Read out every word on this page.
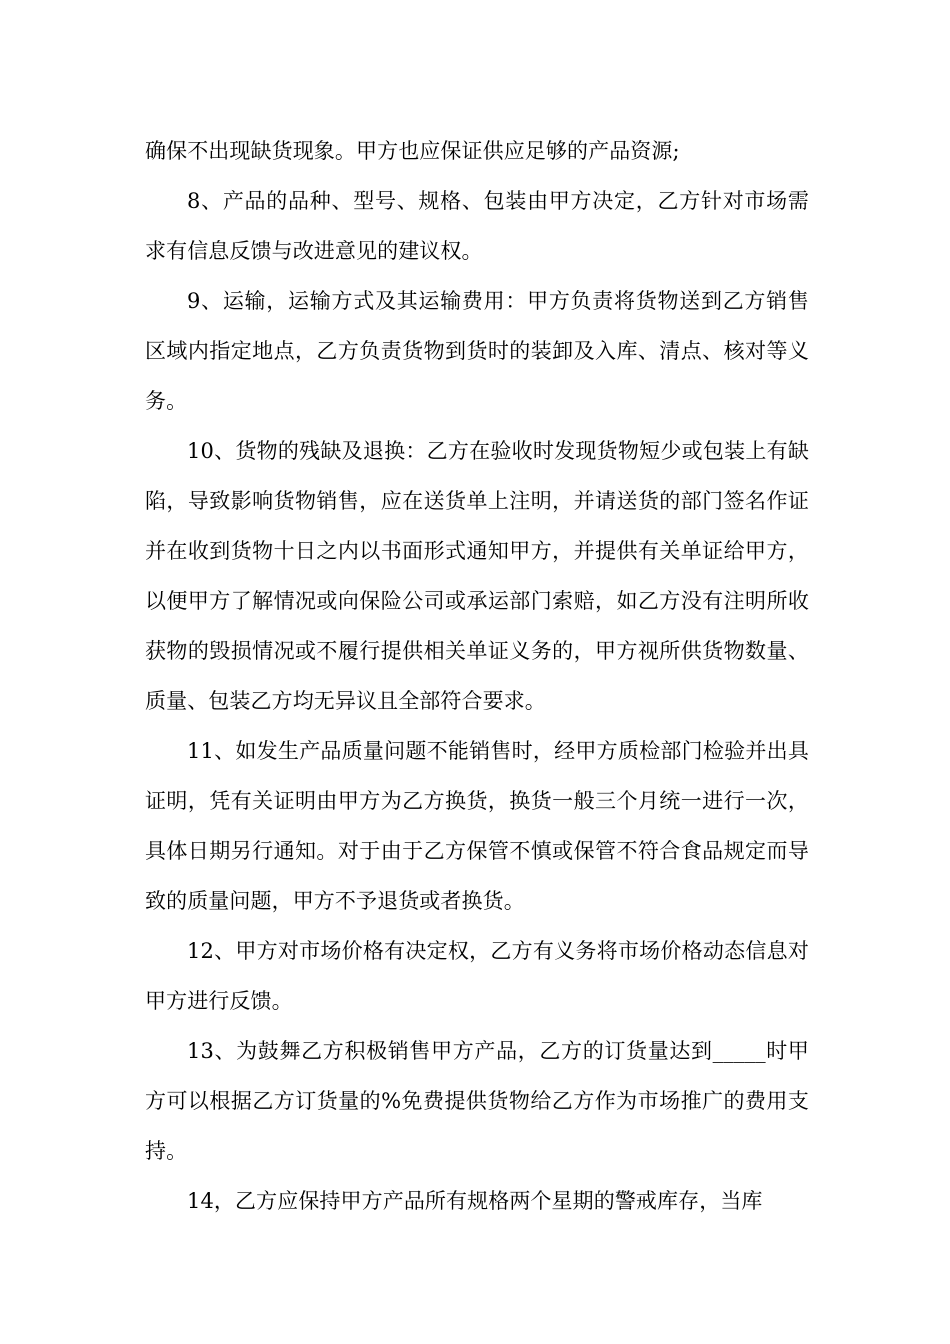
确保不出现缺货现象。甲方也应保证供应足够的产品资源;

8、产品的品种、型号、规格、包装由甲方决定，乙方针对市场需求有信息反馈与改进意见的建议权。

9、运输，运输方式及其运输费用：甲方负责将货物送到乙方销售区域内指定地点，乙方负责货物到货时的装卸及入库、清点、核对等义务。

10、货物的残缺及退换：乙方在验收时发现货物短少或包装上有缺陷，导致影响货物销售，应在送货单上注明，并请送货的部门签名作证并在收到货物十日之内以书面形式通知甲方，并提供有关单证给甲方，以便甲方了解情况或向保险公司或承运部门索赔，如乙方没有注明所收获物的毁损情况或不履行提供相关单证义务的，甲方视所供货物数量、质量、包装乙方均无异议且全部符合要求。

11、如发生产品质量问题不能销售时，经甲方质检部门检验并出具证明，凭有关证明由甲方为乙方换货，换货一般三个月统一进行一次，具体日期另行通知。对于由于乙方保管不慎或保管不符合食品规定而导致的质量问题，甲方不予退货或者换货。

12、甲方对市场价格有决定权，乙方有义务将市场价格动态信息对甲方进行反馈。

13、为鼓舞乙方积极销售甲方产品，乙方的订货量达到_____时甲方可以根据乙方订货量的%免费提供货物给乙方作为市场推广的费用支持。

14，乙方应保持甲方产品所有规格两个星期的警戒库存，当库
